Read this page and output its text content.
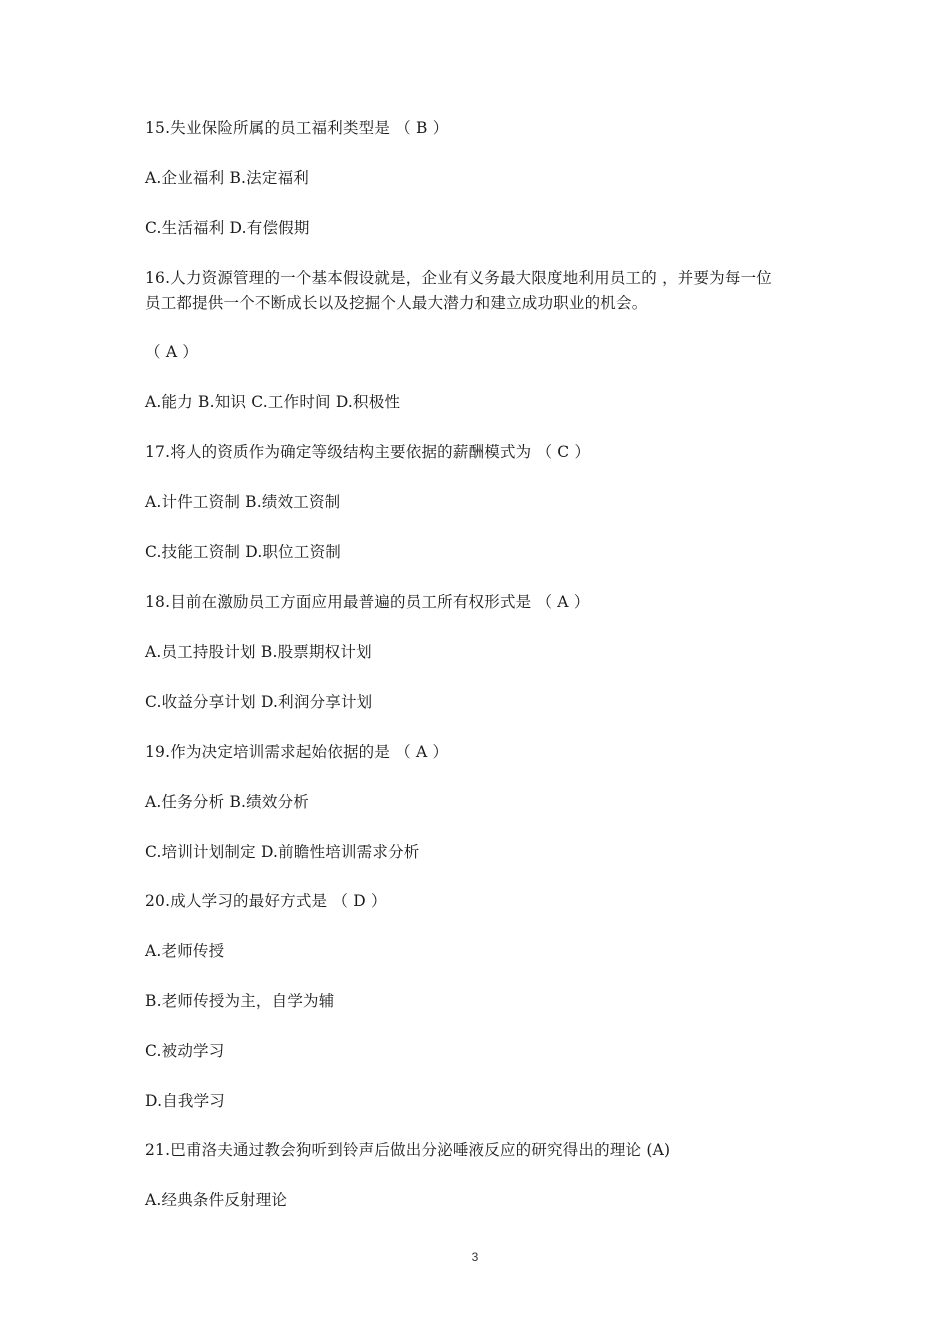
15.失业保险所属的员工福利类型是 （ B ）
A.企业福利 B.法定福利
C.生活福利 D.有偿假期
16.人力资源管理的一个基本假设就是，企业有义务最大限度地利用员工的 ，并要为每一位
员工都提供一个不断成长以及挖掘个人最大潜力和建立成功职业的机会。
（ A ）
A.能力 B.知识 C.工作时间 D.积极性
17.将人的资质作为确定等级结构主要依据的薪酬模式为 （ C ）
A.计件工资制 B.绩效工资制
C.技能工资制 D.职位工资制
18.目前在激励员工方面应用最普遍的员工所有权形式是 （ A ）
A.员工持股计划 B.股票期权计划
C.收益分享计划 D.利润分享计划
19.作为决定培训需求起始依据的是 （ A ）
A.任务分析 B.绩效分析
C.培训计划制定 D.前瞻性培训需求分析
20.成人学习的最好方式是 （ D ）
A.老师传授
B.老师传授为主，自学为辅
C.被动学习
D.自我学习
21.巴甫洛夫通过教会狗听到铃声后做出分泌唾液反应的研究得出的理论 (A)
A.经典条件反射理论
3
